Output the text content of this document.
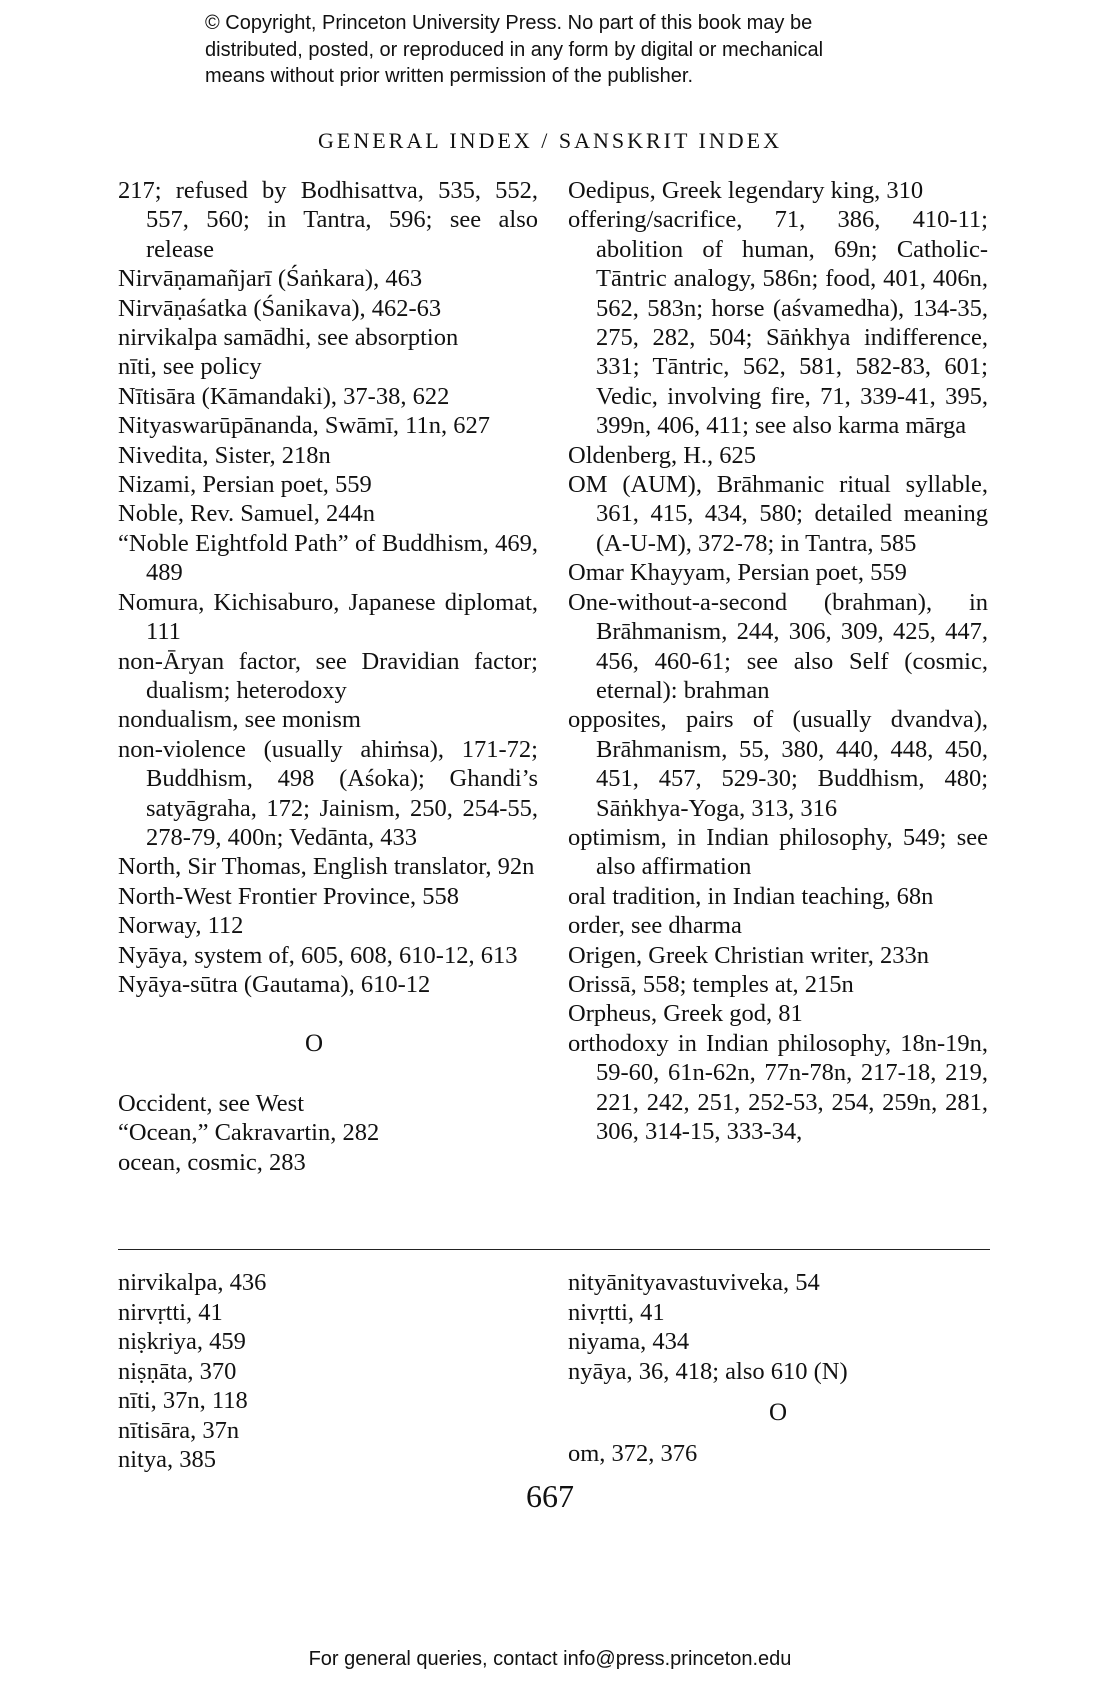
© Copyright, Princeton University Press. No part of this book may be
distributed, posted, or reproduced in any form by digital or mechanical
means without prior written permission of the publisher.
GENERAL INDEX / SANSKRIT INDEX
217; refused by Bodhisattva, 535, 552, 557, 560; in Tantra, 596; see also release
Nirvāṇamañjarī (Śaṅkara), 463
Nirvāṇaśatka (Śanikava), 462-63
nirvikalpa samādhi, see absorption
nīti, see policy
Nītisāra (Kāmandaki), 37-38, 622
Nityaswarūpānanda, Swāmī, 11n, 627
Nivedita, Sister, 218n
Nizami, Persian poet, 559
Noble, Rev. Samuel, 244n
“Noble Eightfold Path” of Buddhism, 469, 489
Nomura, Kichisaburo, Japanese diplomat, 111
non-Āryan factor, see Dravidian factor; dualism; heterodoxy
nondualism, see monism
non-violence (usually ahiṁsa), 171-72; Buddhism, 498 (Aśoka); Ghandi’s satyāgraha, 172; Jainism, 250, 254-55, 278-79, 400n; Vedānta, 433
North, Sir Thomas, English translator, 92n
North-West Frontier Province, 558
Norway, 112
Nyāya, system of, 605, 608, 610-12, 613
Nyāya-sūtra (Gautama), 610-12
O
Occident, see West
“Ocean,” Cakravartin, 282
ocean, cosmic, 283
Oedipus, Greek legendary king, 310
offering/sacrifice, 71, 386, 410-11; abolition of human, 69n; Catholic-Tāntric analogy, 586n; food, 401, 406n, 562, 583n; horse (aśvamedha), 134-35, 275, 282, 504; Sāṅkhya indifference, 331; Tāntric, 562, 581, 582-83, 601; Vedic, involving fire, 71, 339-41, 395, 399n, 406, 411; see also karma mārga
Oldenberg, H., 625
OM (AUM), Brāhmanic ritual syllable, 361, 415, 434, 580; detailed meaning (A-U-M), 372-78; in Tantra, 585
Omar Khayyam, Persian poet, 559
One-without-a-second (brahman), in Brāhmanism, 244, 306, 309, 425, 447, 456, 460-61; see also Self (cosmic, eternal): brahman
opposites, pairs of (usually dvandva), Brāhmanism, 55, 380, 440, 448, 450, 451, 457, 529-30; Buddhism, 480; Sāṅkhya-Yoga, 313, 316
optimism, in Indian philosophy, 549; see also affirmation
oral tradition, in Indian teaching, 68n
order, see dharma
Origen, Greek Christian writer, 233n
Orissā, 558; temples at, 215n
Orpheus, Greek god, 81
orthodoxy in Indian philosophy, 18n-19n, 59-60, 61n-62n, 77n-78n, 217-18, 219, 221, 242, 251, 252-53, 254, 259n, 281, 306, 314-15, 333-34,
nirvikalpa, 436
nirvṛtti, 41
niṣkriya, 459
niṣṇāta, 370
nīti, 37n, 118
nītisāra, 37n
nitya, 385
nityānityavastuviveka, 54
nivṛtti, 41
niyama, 434
nyāya, 36, 418; also 610 (N)
O
om, 372, 376
667
For general queries, contact info@press.princeton.edu
